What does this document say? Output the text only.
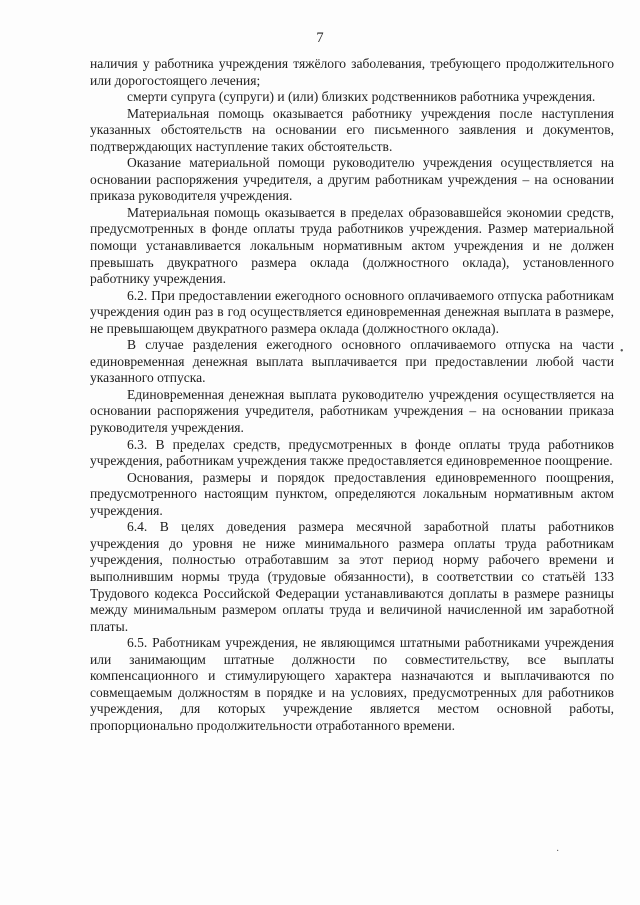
7

наличия у работника учреждения тяжёлого заболевания, требующего продолжительного или дорогостоящего лечения;

смерти супруга (супруги) и (или) близких родственников работника учреждения.

Материальная помощь оказывается работнику учреждения после наступления указанных обстоятельств на основании его письменного заявления и документов, подтверждающих наступление таких обстоятельств.

Оказание материальной помощи руководителю учреждения осуществляется на основании распоряжения учредителя, а другим работникам учреждения – на основании приказа руководителя учреждения.

Материальная помощь оказывается в пределах образовавшейся экономии средств, предусмотренных в фонде оплаты труда работников учреждения. Размер материальной помощи устанавливается локальным нормативным актом учреждения и не должен превышать двукратного размера оклада (должностного оклада), установленного работнику учреждения.

6.2. При предоставлении ежегодного основного оплачиваемого отпуска работникам учреждения один раз в год осуществляется единовременная денежная выплата в размере, не превышающем двукратного размера оклада (должностного оклада).

В случае разделения ежегодного основного оплачиваемого отпуска на части единовременная денежная выплата выплачивается при предоставлении любой части указанного отпуска.

Единовременная денежная выплата руководителю учреждения осуществляется на основании распоряжения учредителя, работникам учреждения – на основании приказа руководителя учреждения.

6.3. В пределах средств, предусмотренных в фонде оплаты труда работников учреждения, работникам учреждения также предоставляется единовременное поощрение.

Основания, размеры и порядок предоставления единовременного поощрения, предусмотренного настоящим пунктом, определяются локальным нормативным актом учреждения.

6.4. В целях доведения размера месячной заработной платы работников учреждения до уровня не ниже минимального размера оплаты труда работникам учреждения, полностью отработавшим за этот период норму рабочего времени и выполнившим нормы труда (трудовые обязанности), в соответствии со статьёй 133 Трудового кодекса Российской Федерации устанавливаются доплаты в размере разницы между минимальным размером оплаты труда и величиной начисленной им заработной платы.

6.5. Работникам учреждения, не являющимся штатными работниками учреждения или занимающим штатные должности по совместительству, все выплаты компенсационного и стимулирующего характера назначаются и выплачиваются по совмещаемым должностям в порядке и на условиях, предусмотренных для работников учреждения, для которых учреждение является местом основной работы, пропорционально продолжительности отработанного времени.

•
·
